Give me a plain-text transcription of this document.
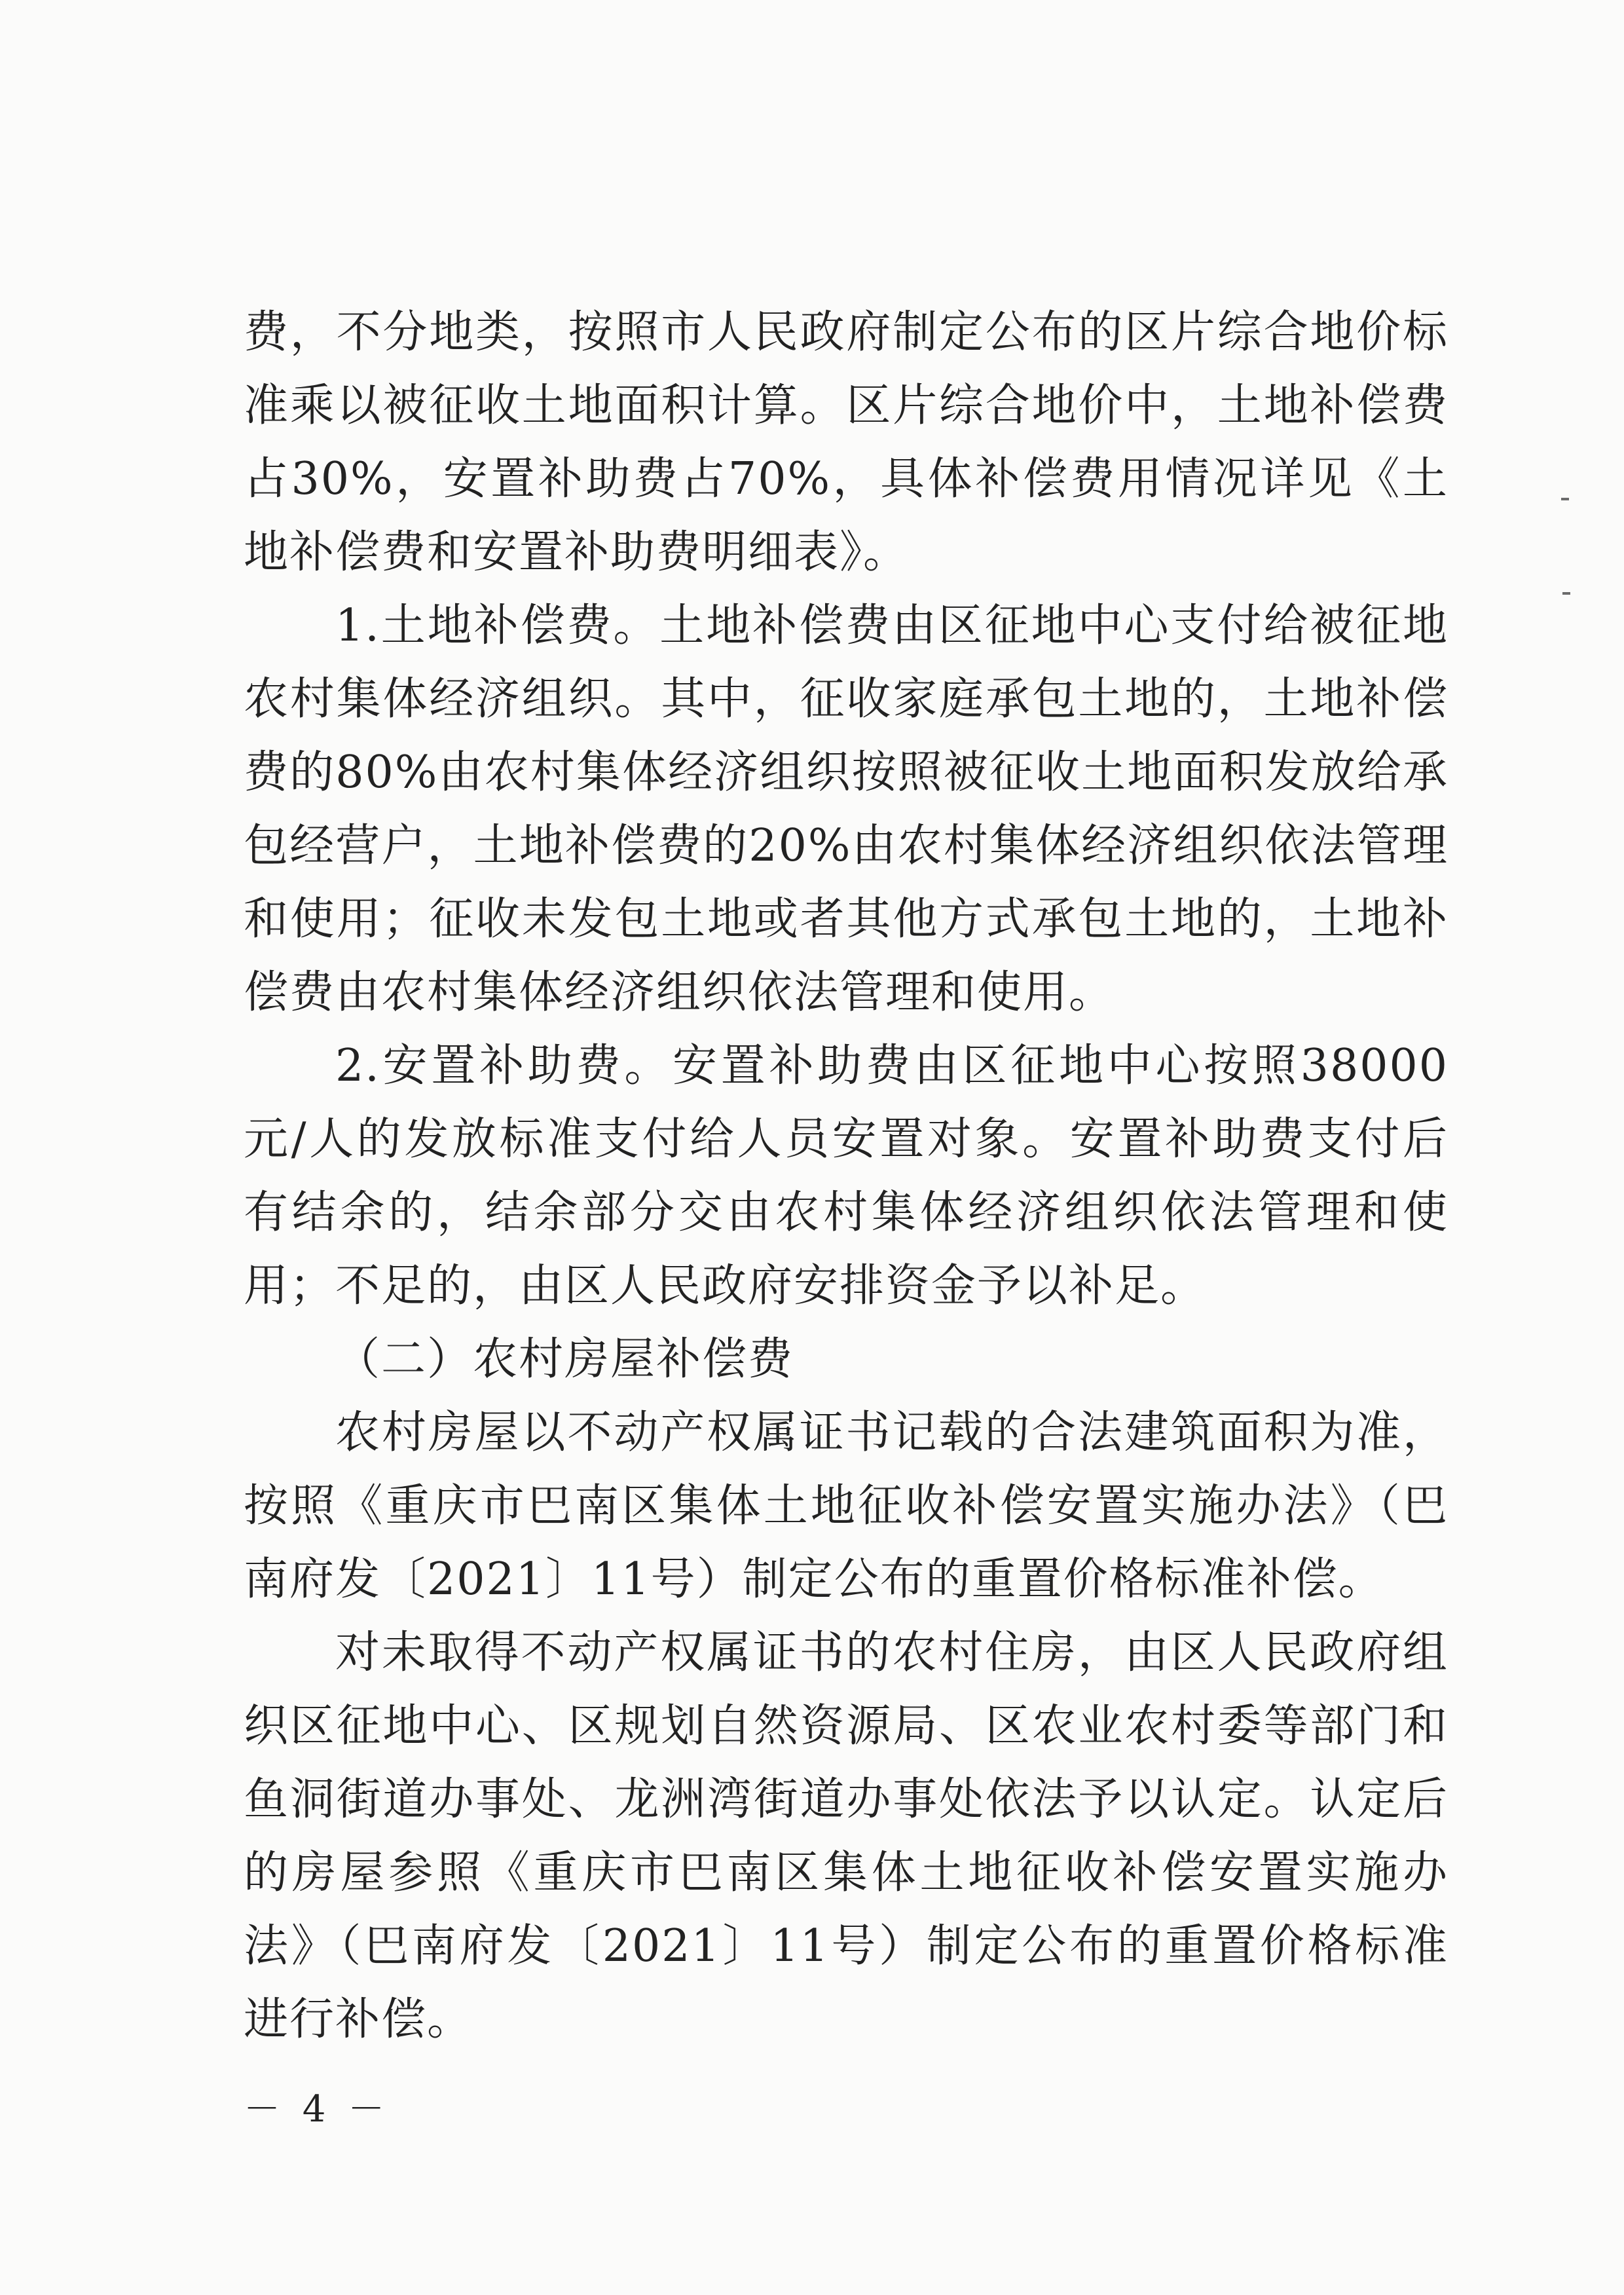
费，不分地类，按照市人民政府制定公布的区片综合地价标准乘以被征收土地面积计算。区片综合地价中，土地补偿费占30%，安置补助费占70%，具体补偿费用情况详见《土地补偿费和安置补助费明细表》。

1.土地补偿费。土地补偿费由区征地中心支付给被征地农村集体经济组织。其中，征收家庭承包土地的，土地补偿费的80%由农村集体经济组织按照被征收土地面积发放给承包经营户，土地补偿费的20%由农村集体经济组织依法管理和使用；征收未发包土地或者其他方式承包土地的，土地补偿费由农村集体经济组织依法管理和使用。

2.安置补助费。安置补助费由区征地中心按照38000元/人的发放标准支付给人员安置对象。安置补助费支付后有结余的，结余部分交由农村集体经济组织依法管理和使用；不足的，由区人民政府安排资金予以补足。

（二）农村房屋补偿费

农村房屋以不动产权属证书记载的合法建筑面积为准，按照《重庆市巴南区集体土地征收补偿安置实施办法》（巴南府发〔2021〕11号）制定公布的重置价格标准补偿。

对未取得不动产权属证书的农村住房，由区人民政府组织区征地中心、区规划自然资源局、区农业农村委等部门和鱼洞街道办事处、龙洲湾街道办事处依法予以认定。认定后的房屋参照《重庆市巴南区集体土地征收补偿安置实施办法》（巴南府发〔2021〕11号）制定公布的重置价格标准进行补偿。

－ 4 －
